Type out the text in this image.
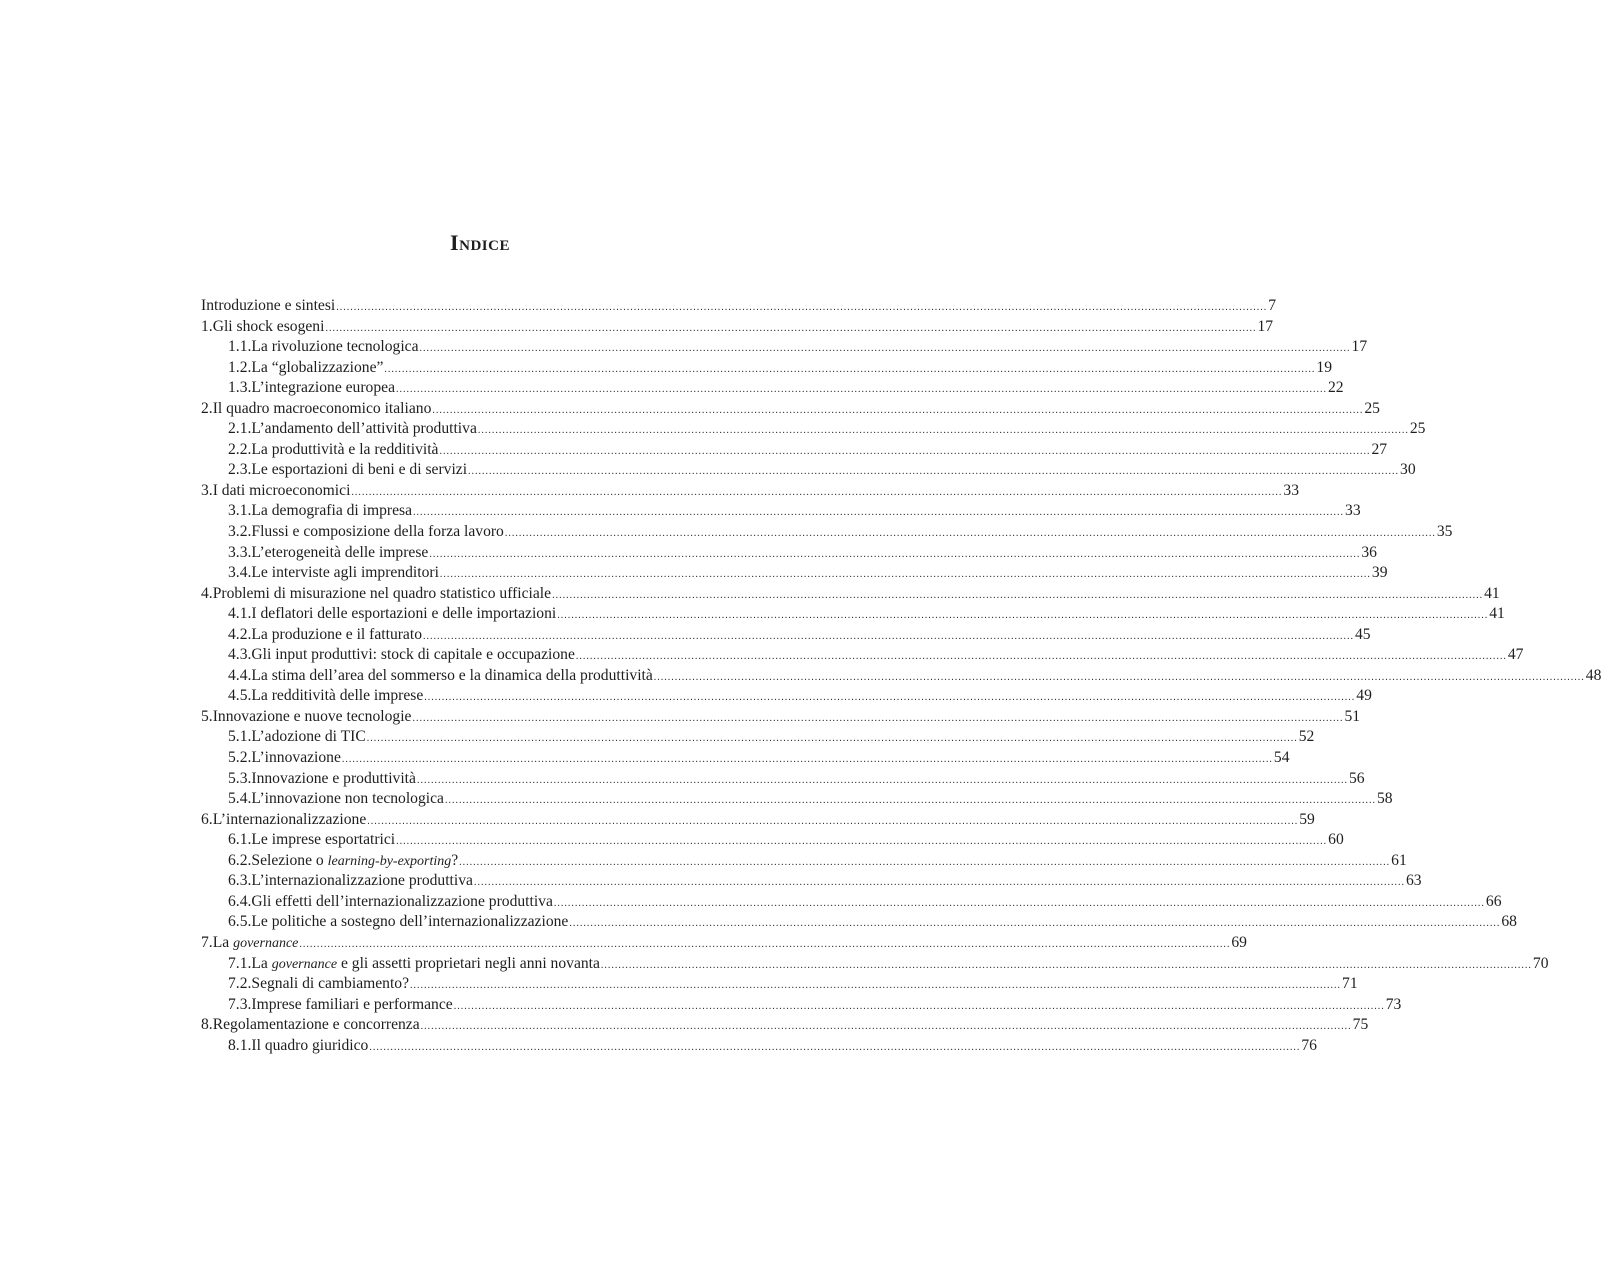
Indice
Introduzione e sintesi .....	7
1. Gli shock esogeni .....	17
1.1. La rivoluzione tecnologica .....	17
1.2. La “globalizzazione” .....	19
1.3. L’integrazione europea .....	22
2. Il quadro macroeconomico italiano .....	25
2.1. L’andamento dell’attività produttiva .....	25
2.2. La produttività e la redditività .....	27
2.3. Le esportazioni di beni e di servizi .....	30
3. I dati microeconomici .....	33
3.1. La demografia di impresa .....	33
3.2. Flussi e composizione della forza lavoro .....	35
3.3. L’eterogeneità delle imprese .....	36
3.4. Le interviste agli imprenditori .....	39
4. Problemi di misurazione nel quadro statistico ufficiale .....	41
4.1. I deflatori delle esportazioni e delle importazioni .....	41
4.2. La produzione e il fatturato .....	45
4.3. Gli input produttivi: stock di capitale e occupazione .....	47
4.4. La stima dell’area del sommerso e la dinamica della produttività .....	48
4.5. La redditività delle imprese .....	49
5. Innovazione e nuove tecnologie .....	51
5.1. L’adozione di TIC .....	52
5.2. L’innovazione .....	54
5.3. Innovazione e produttività .....	56
5.4. L’innovazione non tecnologica .....	58
6. L’internazionalizzazione .....	59
6.1. Le imprese esportatrici .....	60
6.2. Selezione o learning-by-exporting? .....	61
6.3. L’internazionalizzazione produttiva .....	63
6.4. Gli effetti dell’internazionalizzazione produttiva .....	66
6.5. Le politiche a sostegno dell’internazionalizzazione .....	68
7. La governance .....	69
7.1. La governance e gli assetti proprietari negli anni novanta .....	70
7.2. Segnali di cambiamento? .....	71
7.3. Imprese familiari e performance .....	73
8. Regolamentazione e concorrenza .....	75
8.1. Il quadro giuridico .....	76
